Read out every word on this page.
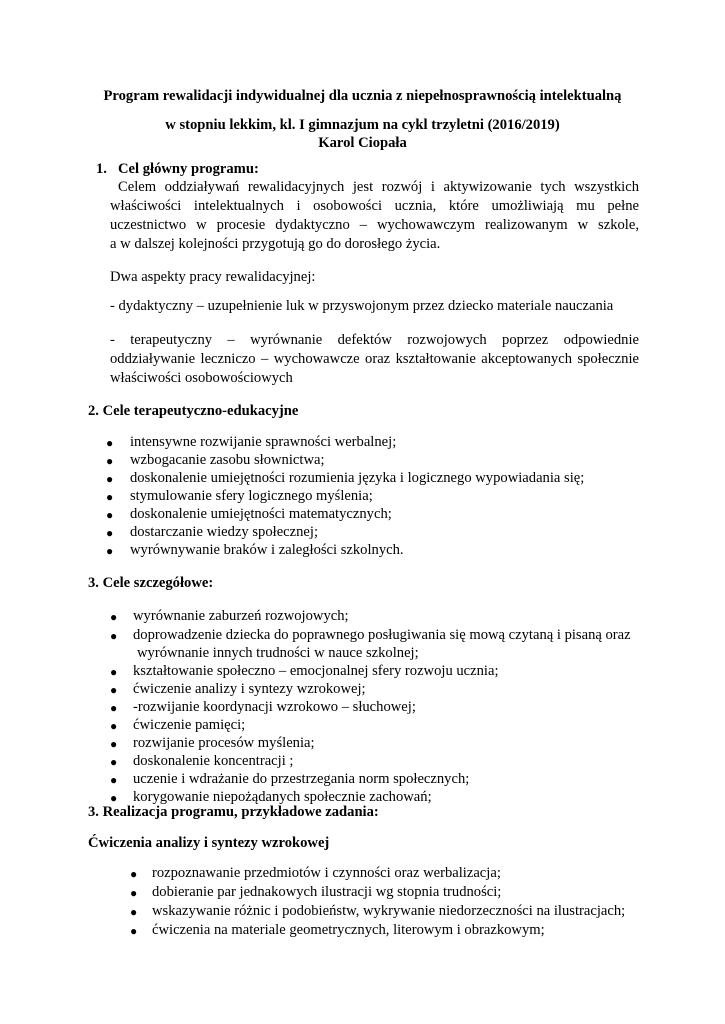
Program rewalidacji indywidualnej dla ucznia z niepełnosprawnością intelektualną
w stopniu lekkim, kl. I gimnazjum na cykl trzyletni (2016/2019)
Karol Ciopała
1. Cel główny programu:
Celem oddziaływań rewalidacyjnych jest rozwój i aktywizowanie tych wszystkich
właściwości intelektualnych i osobowości ucznia, które umożliwiają mu pełne
uczestnictwo w procesie dydaktyczno – wychowawczym realizowanym w szkole,
a w dalszej kolejności przygotują go do dorosłego życia.
Dwa aspekty pracy rewalidacyjnej:
- dydaktyczny – uzupełnienie luk w przyswojonym przez dziecko materiale nauczania
- terapeutyczny – wyrównanie defektów rozwojowych poprzez odpowiednie
oddziaływanie leczniczo – wychowawcze oraz kształtowanie akceptowanych społecznie
właściwości osobowościowych
2. Cele terapeutyczno-edukacyjne
● intensywne rozwijanie sprawności werbalnej;
● wzbogacanie zasobu słownictwa;
● doskonalenie umiejętności rozumienia języka i logicznego wypowiadania się;
● stymulowanie sfery logicznego myślenia;
● doskonalenie umiejętności matematycznych;
● dostarczanie wiedzy społecznej;
● wyrównywanie braków i zaległości szkolnych.
3. Cele szczegółowe:
● wyrównanie zaburzeń rozwojowych;
● doprowadzenie dziecka do poprawnego posługiwania się mową czytaną i pisaną oraz
wyrównanie innych trudności w nauce szkolnej;
● kształtowanie społeczno – emocjonalnej sfery rozwoju ucznia;
● ćwiczenie analizy i syntezy wzrokowej;
● -rozwijanie koordynacji wzrokowo – słuchowej;
● ćwiczenie pamięci;
● rozwijanie procesów myślenia;
● doskonalenie koncentracji ;
● uczenie i wdrażanie do przestrzegania norm społecznych;
● korygowanie niepożądanych społecznie zachowań;
3. Realizacja programu, przykładowe zadania:
Ćwiczenia analizy i syntezy wzrokowej
● rozpoznawanie przedmiotów i czynności oraz werbalizacja;
● dobieranie par jednakowych ilustracji wg stopnia trudności;
● wskazywanie różnic i podobieństw, wykrywanie niedorzeczności na ilustracjach;
● ćwiczenia na materiale geometrycznych, literowym i obrazkowym;
